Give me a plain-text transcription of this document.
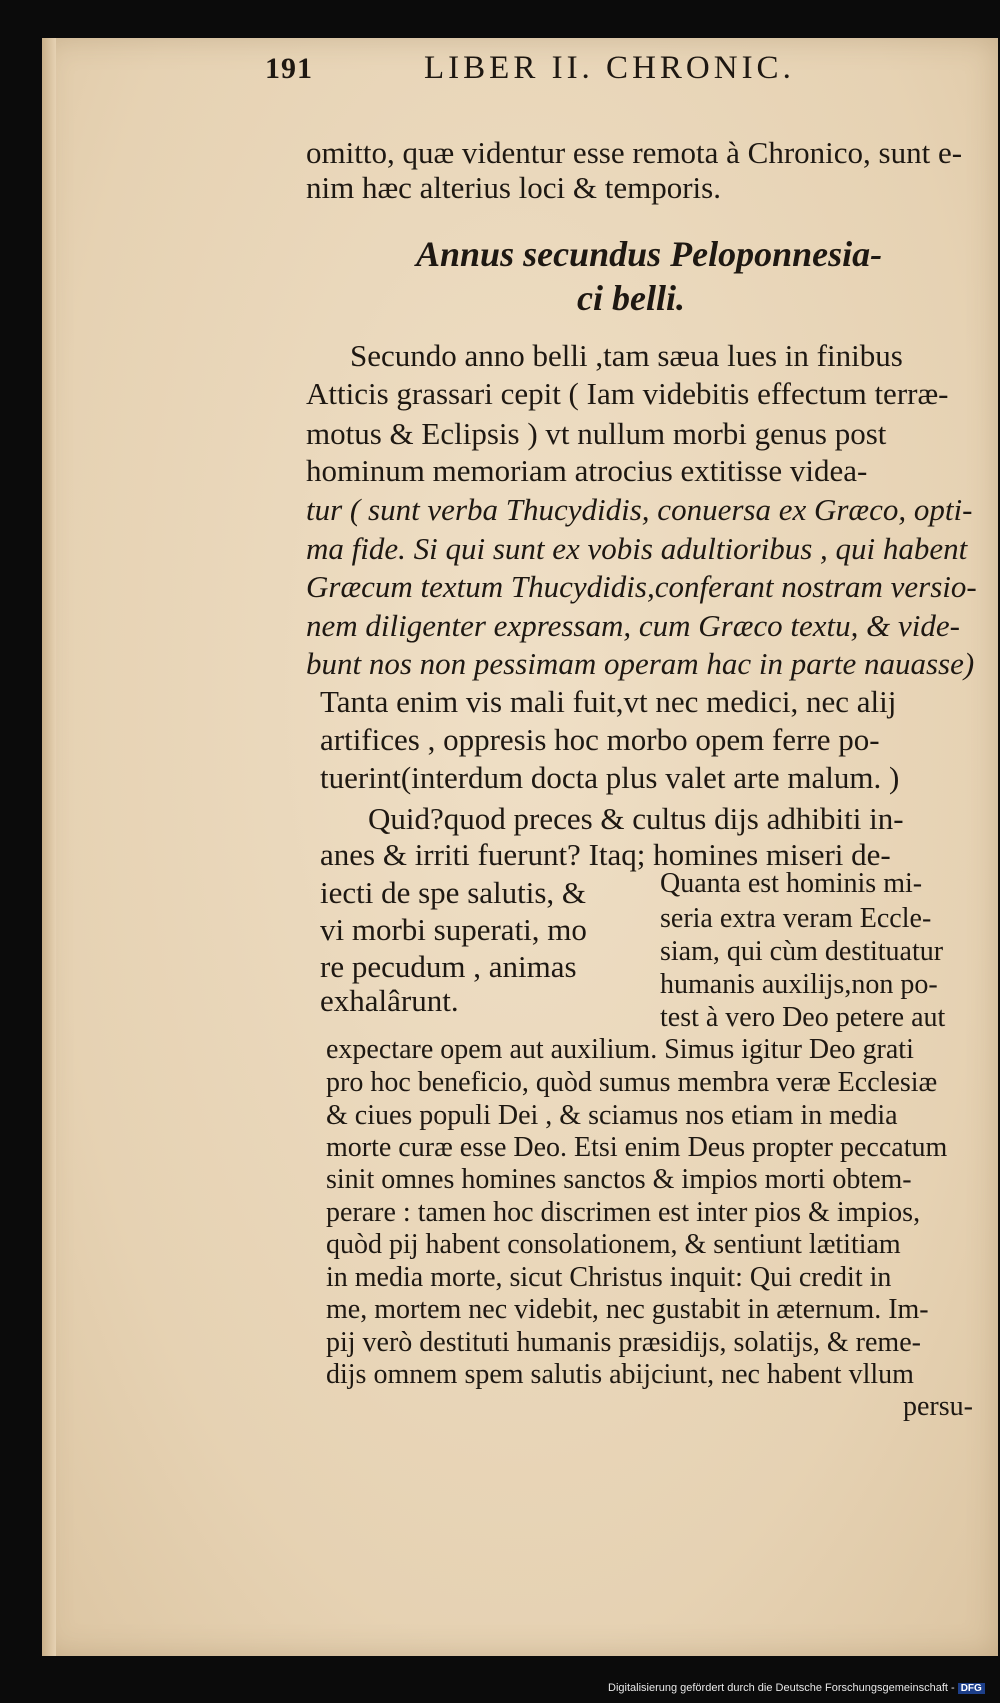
191	LIBER II. CHRONIC.
omitto, quæ videntur esse remota à Chronico, sunt e-
nim hæc alterius loci & temporis.
Annus secundus Peloponnesia-
ci belli.
Secundo anno belli ,tam sæua lues in finibus
Atticis grassari cepit ( Iam videbitis effectum terræ-
motus & Eclipsis ) vt nullum morbi genus post
hominum memoriam atrocius extitisse videa-
tur ( sunt verba Thucydidis, conuersa ex Græco, opti-
ma fide. Si qui sunt ex vobis adultioribus , qui habent
Græcum textum Thucydidis,conferant nostram versio-
nem diligenter expressam, cum Græco textu, & vide-
bunt nos non pessimam operam hac in parte nauasse)
Tanta enim vis mali fuit,vt nec medici, nec alij
artifices , oppresis hoc morbo opem ferre po-
tuerint(interdum docta plus valet arte malum. )
Quid?quod preces & cultus dijs adhibiti in-
anes & irriti fuerunt? Itaq; homines miseri de-
iecti de spe salutis, &
vi morbi superati, mo
re pecudum , animas
exhalârunt.
Quanta est hominis mi-
seria extra veram Eccle-
siam, qui cùm destituatur
humanis auxilijs,non po-
test à vero Deo petere aut
expectare opem aut auxilium. Simus igitur Deo grati
pro hoc beneficio, quòd sumus membra veræ Ecclesiæ
& ciues populi Dei , & sciamus nos etiam in media
morte curæ esse Deo. Etsi enim Deus propter peccatum
sinit omnes homines sanctos & impios morti obtem-
perare : tamen hoc discrimen est inter pios & impios,
quòd pij habent consolationem, & sentiunt lætitiam
in media morte, sicut Christus inquit: Qui credit in
me, mortem nec videbit, nec gustabit in æternum. Im-
pij verò destituti humanis præsidijs, solatijs, & reme-
dijs omnem spem salutis abijciunt, nec habent vllum
persu-
Digitalisierung gefördert durch die Deutsche Forschungsgemeinschaft - DFG
